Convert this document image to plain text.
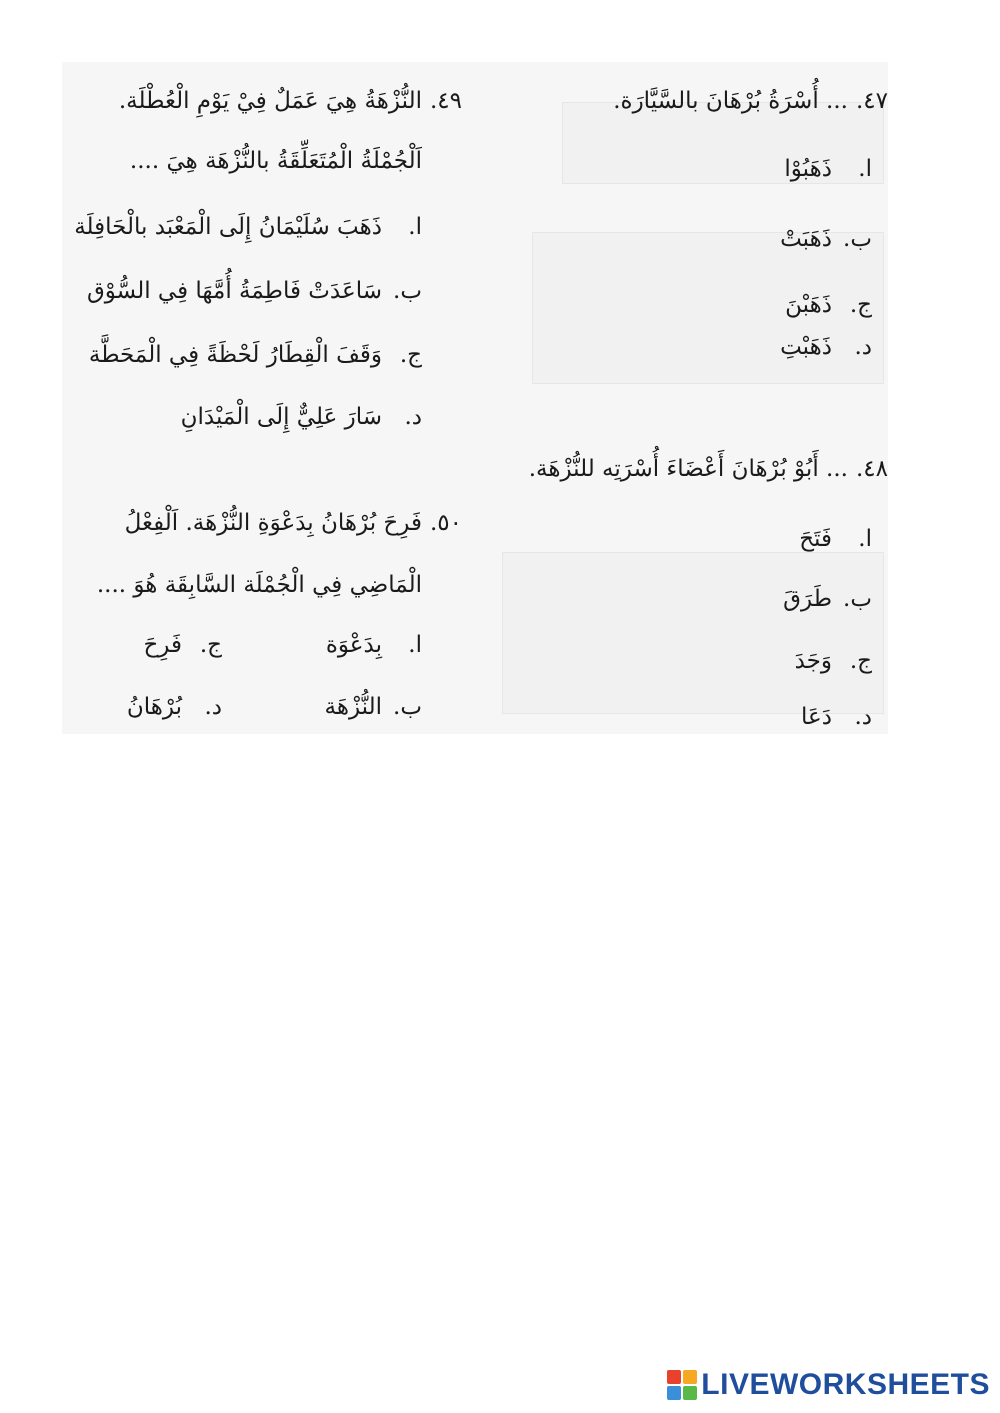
٤٧.... أُسْرَةُ بُرْهَانَ بالسَّيَّارَة.
ا.ذَهَبُوْا
ب.ذَهَبَتْ
ج.ذَهَبْنَ
د.ذَهَبْتِ
٤٨.... أَبُوْ بُرْهَانَ أَعْضَاءَ أُسْرَتِه للنُّزْهَة.
ا.فَتَحَ
ب.طَرَقَ
ج.وَجَدَ
د.دَعَا
٤٩.النُّزْهَةُ هِيَ عَمَلٌ فِيْ يَوْمِ الْعُطْلَة.
اَلْجُمْلَةُ الْمُتَعَلِّقَةُ بالنُّزْهَة هِيَ ....
ا.ذَهَبَ سُلَيْمَانُ إِلَى الْمَعْبَد بالْحَافِلَة
ب.سَاعَدَتْ فَاطِمَةُ أُمَّهَا فِي السُّوْق
ج.وَقَفَ الْقِطَارُ لَحْظَةً فِي الْمَحَطَّة
د.سَارَ عَلِيٌّ إِلَى الْمَيْدَانِ
٥٠.فَرِحَ بُرْهَانُ بِدَعْوَةِ النُّزْهَة. اَلْفِعْلُ
الْمَاضِي فِي الْجُمْلَة السَّابِقَة هُوَ ....
ا.بِدَعْوَة
ج.فَرِحَ
ب.النُّزْهَة
د.بُرْهَانُ
LIVEWORKSHEETS
